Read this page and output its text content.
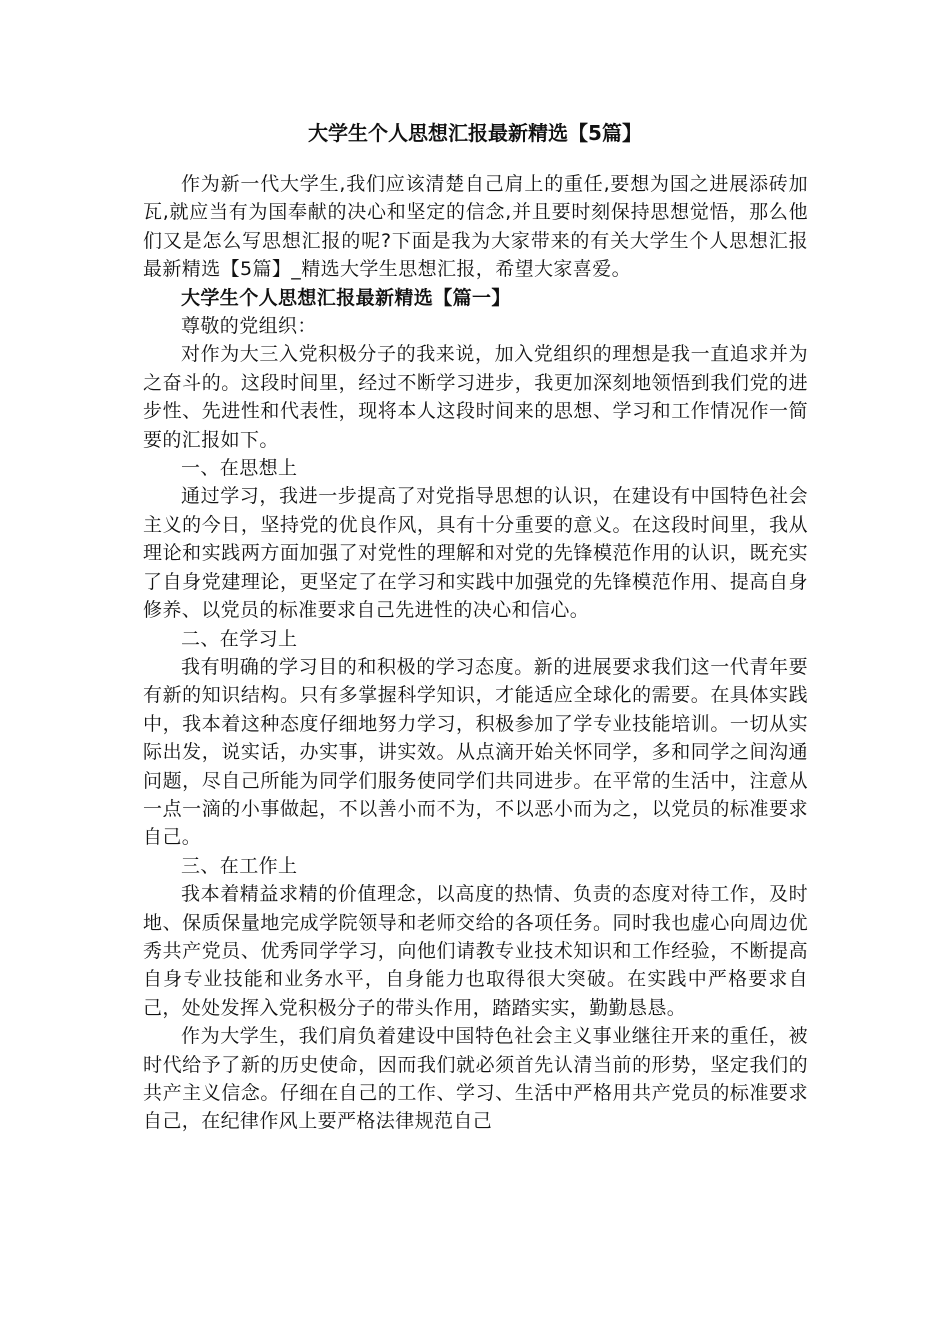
大学生个人思想汇报最新精选【5篇】

作为新一代大学生,我们应该清楚自己肩上的重任,要想为国之进展添砖加瓦,就应当有为国奉献的决心和坚定的信念,并且要时刻保持思想觉悟，那么他们又是怎么写思想汇报的呢?下面是我为大家带来的有关大学生个人思想汇报最新精选【5篇】_精选大学生思想汇报，希望大家喜爱。

大学生个人思想汇报最新精选【篇一】

尊敬的党组织：

对作为大三入党积极分子的我来说，加入党组织的理想是我一直追求并为之奋斗的。这段时间里，经过不断学习进步，我更加深刻地领悟到我们党的进步性、先进性和代表性，现将本人这段时间来的思想、学习和工作情况作一简要的汇报如下。

一、在思想上

通过学习，我进一步提高了对党指导思想的认识，在建设有中国特色社会主义的今日，坚持党的优良作风，具有十分重要的意义。在这段时间里，我从理论和实践两方面加强了对党性的理解和对党的先锋模范作用的认识，既充实了自身党建理论，更坚定了在学习和实践中加强党的先锋模范作用、提高自身修养、以党员的标准要求自己先进性的决心和信心。

二、在学习上

我有明确的学习目的和积极的学习态度。新的进展要求我们这一代青年要有新的知识结构。只有多掌握科学知识，才能适应全球化的需要。在具体实践中，我本着这种态度仔细地努力学习，积极参加了学专业技能培训。一切从实际出发，说实话，办实事，讲实效。从点滴开始关怀同学，多和同学之间沟通问题，尽自己所能为同学们服务使同学们共同进步。在平常的生活中，注意从一点一滴的小事做起，不以善小而不为，不以恶小而为之，以党员的标准要求自己。

三、在工作上

我本着精益求精的价值理念，以高度的热情、负责的态度对待工作，及时地、保质保量地完成学院领导和老师交给的各项任务。同时我也虚心向周边优秀共产党员、优秀同学学习，向他们请教专业技术知识和工作经验，不断提高自身专业技能和业务水平，自身能力也取得很大突破。在实践中严格要求自己，处处发挥入党积极分子的带头作用，踏踏实实，勤勤恳恳。

作为大学生，我们肩负着建设中国特色社会主义事业继往开来的重任，被时代给予了新的历史使命，因而我们就必须首先认清当前的形势，坚定我们的共产主义信念。仔细在自己的工作、学习、生活中严格用共产党员的标准要求自己，在纪律作风上要严格法律规范自己
